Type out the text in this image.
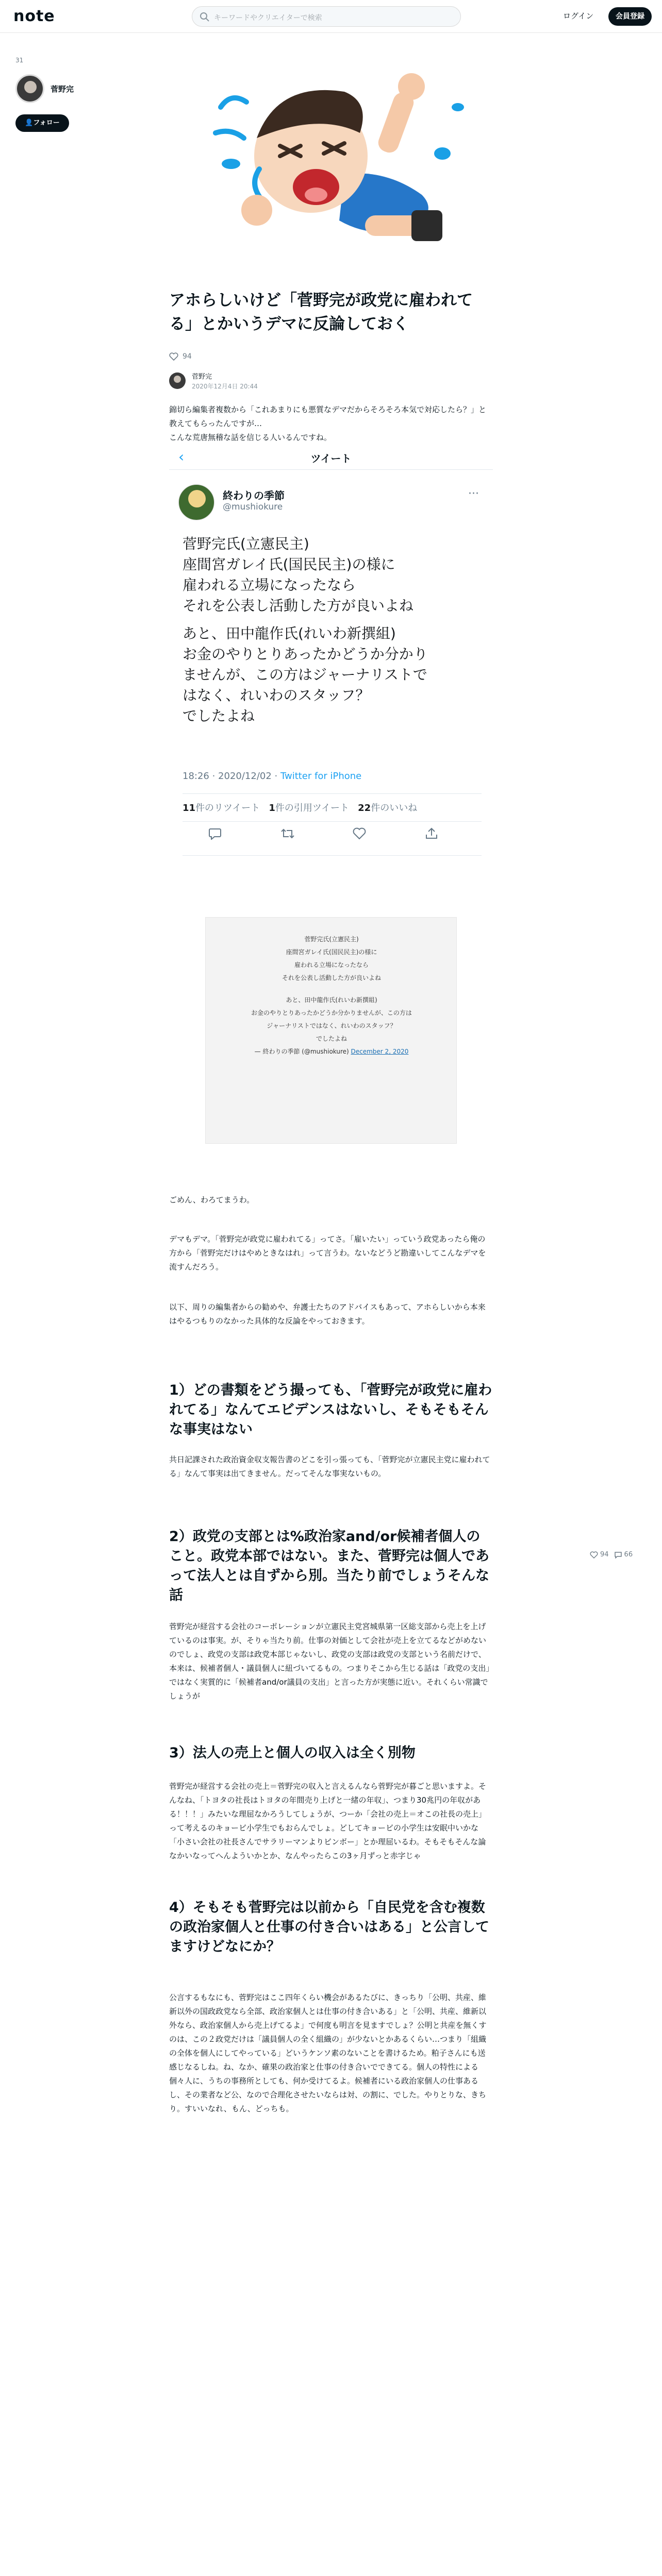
note	キーワードやクリエイターで検索	ログイン	会員登録
31
菅野完
👤フォロー
アホらしいけど「菅野完が政党に雇われてる」とかいうデマに反論しておく
94
菅野完
2020年12月4日 20:44
錦切ら編集者複数から「これあまりにも悪質なデマだからそろそろ本気で対応したら？」と教えてもらったんですが…
こんな荒唐無稽な話を信じる人いるんですね。
‹	ツイート
終わりの季節
@mushiokure
···

菅野完氏(立憲民主)
座間宮ガレイ氏(国民民主)の様に
雇われる立場になったなら
それを公表し活動した方が良いよね

あと、田中龍作氏(れいわ新撰組)
お金のやりとりあったかどうか分かり
ませんが、この方はジャーナリストで
はなく、れいわのスタッフ？
でしたよね

18:26 · 2020/12/02 · Twitter for iPhone
11件のリツイート 1件の引用ツイート 22件のいいね
菅野完氏(立憲民主)
座間宮ガレイ氏(国民民主)の様に
雇われる立場になったなら
それを公表し活動した方が良いよね
あと、田中龍作氏(れいわ新撰組)
お金のやりとりあったかどうか分かりませんが、この方は
ジャーナリストではなく、れいわのスタッフ？
でしたよね
— 終わりの季節 (@mushiokure) December 2, 2020
ごめん、わろてまうわ。
デマもデマ。「菅野完が政党に雇われてる」ってさ。「雇いたい」っていう政党あったら俺の方から「菅野完だけはやめときなはれ」って言うわ。ないなどうど勘違いしてこんなデマを流すんだろう。
以下、周りの編集者からの勧めや、弁護士たちのアドバイスもあって、アホらしいから本来はやるつもりのなかった具体的な反論をやっておきます。
1）どの書類をどう撮っても、「菅野完が政党に雇われてる」なんてエビデンスはないし、そもそもそんな事実はない
共日記課された政治資金収支報告書のどこを引っ張っても、「菅野完が立憲民主党に雇われてる」なんて事実は出てきません。だってそんな事実ないもの。
2）政党の支部とは%政治家and/or候補者個人のこと。政党本部ではない。また、菅野完は個人であって法人とは自ずから別。当たり前でしょうそんな話
菅野完が経営する会社のコーポレーションが立憲民主党宮城県第一区総支部から売上を上げているのは事実。が、そりゃ当たり前。仕事の対価として会社が売上を立てるなどがめないのでしょ、政党の支部は政党本部じゃないし、政党の支部は政党の支部という名前だけで、本来は、候補者個人・議員個人に紐づいてるもの。つまりそこから生じる話は「政党の支出」ではなく実質的に「候補者and/or議員の支出」と言った方が実態に近い。それくらい常識でしょうが
3）法人の売上と個人の収入は全く別物
菅野完が経営する会社の売上＝菅野完の収入と言えるんなら菅野完が暮ごと思いますよ。そんなね、「トヨタの社長はトヨタの年間売り上げと一緒の年収」、つまり30兆円の年収がある！！！」みたいな理屈なかろうしてしょうが、つーか「会社の売上＝オこの社長の売上」って考えるのキョービ小学生でもおらんでしょ。どしてキョービの小学生は安眠中いかな「小さい会社の社長さんでサラリーマンよりビンボー」とか理屈いるわ。そもそもそんな論なかいなってへんよういかとか、なんやったらこの3ヶ月ずっと赤字じゃ
4）そもそも菅野完は以前から「自民党を含む複数の政治家個人と仕事の付き合いはある」と公言してますけどなにか？
公言するもなにも、菅野完はここ四年くらい機会があるたびに、きっちり「公明、共産、維新以外の国政政党なら全部、政治家個人とは仕事の付き合いある」と「公明、共産、維新以外なら、政治家個人から売上げてるよ」で何度も明言を見ますでしょ？公明と共産を無くすのは、この２政党だけは「議員個人の全く組織の」が少ないとかあるくらい…つまり「組織の全体を個人にしてやっている」どいうケンソ素のないことを書けるため。粕子さんにも送感じなるしね。ね、なか、確果の政治家と仕事の付き合いでできてる。個人の特性による個々人に、うちの事務所としても、何か受けてるよ。候補者にいる政治家個人の仕事あるし、その業者など公、なので合理化させたいならは対、の割に、でした。やりとりな、きちり。すいいなれ、もん、どっちも。
94 66
